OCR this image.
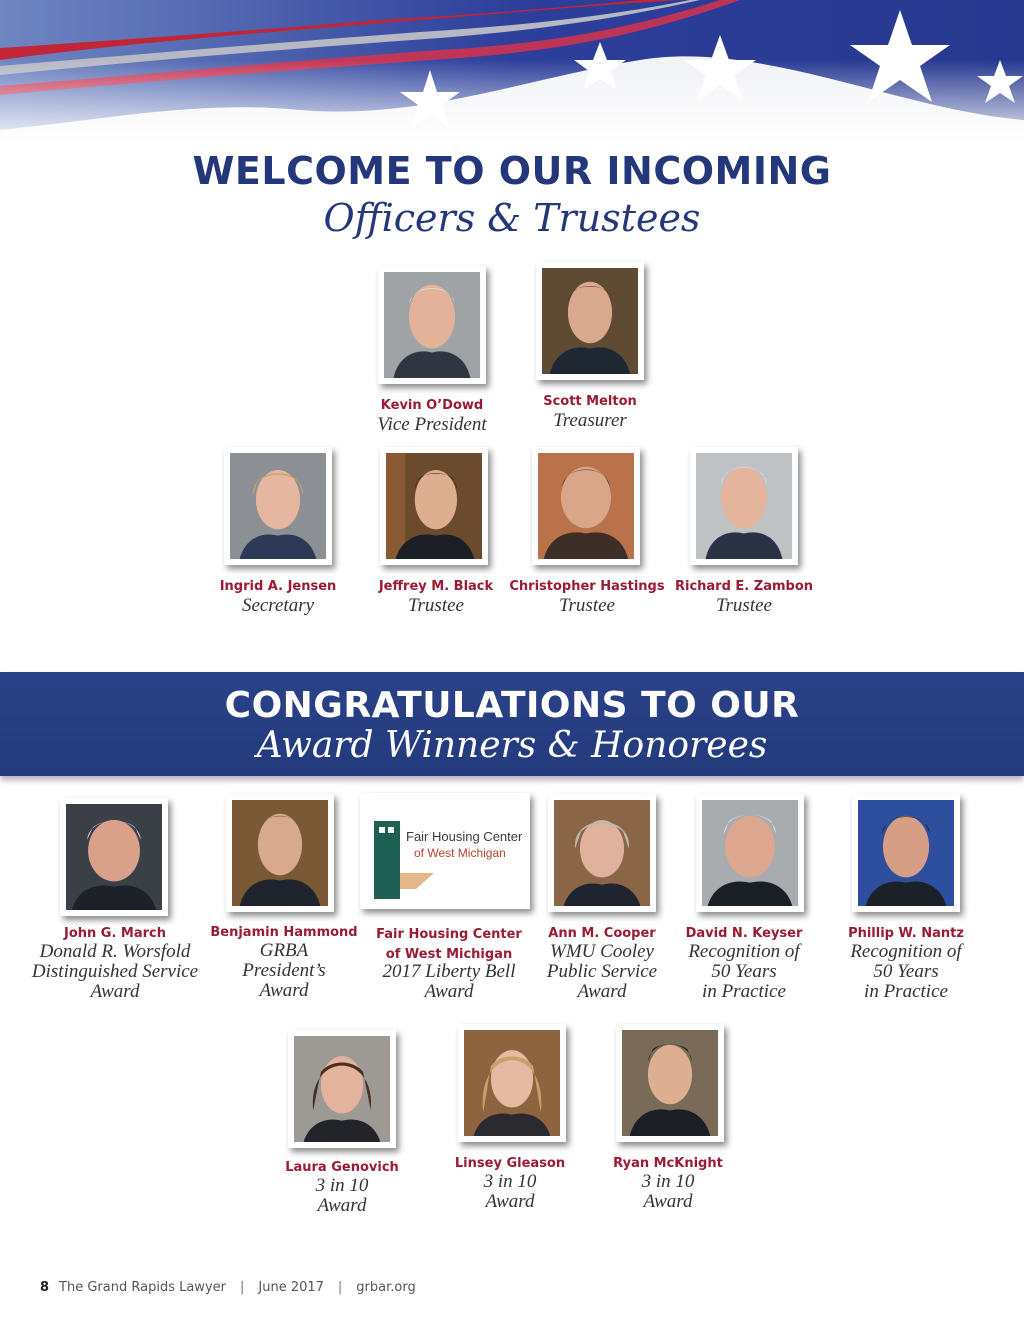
WELCOME TO OUR INCOMING
Officers & Trustees
Kevin O’Dowd
Vice President
Scott Melton
Treasurer
Ingrid A. Jensen
Secretary
Jeffrey M. Black
Trustee
Christopher Hastings
Trustee
Richard E. Zambon
Trustee
CONGRATULATIONS TO OUR
Award Winners & Honorees
Fair Housing Center
of West Michigan
John G. March
Donald R. Worsfold
Distinguished Service
Award
Benjamin Hammond
GRBA
President’s
Award
Fair Housing Center
of West Michigan
2017 Liberty Bell
Award
Ann M. Cooper
WMU Cooley
Public Service
Award
David N. Keyser
Recognition of
50 Years
in Practice
Phillip W. Nantz
Recognition of
50 Years
in Practice
Laura Genovich
3 in 10
Award
Linsey Gleason
3 in 10
Award
Ryan McKnight
3 in 10
Award
8 The Grand Rapids Lawyer | June 2017 | grbar.org
